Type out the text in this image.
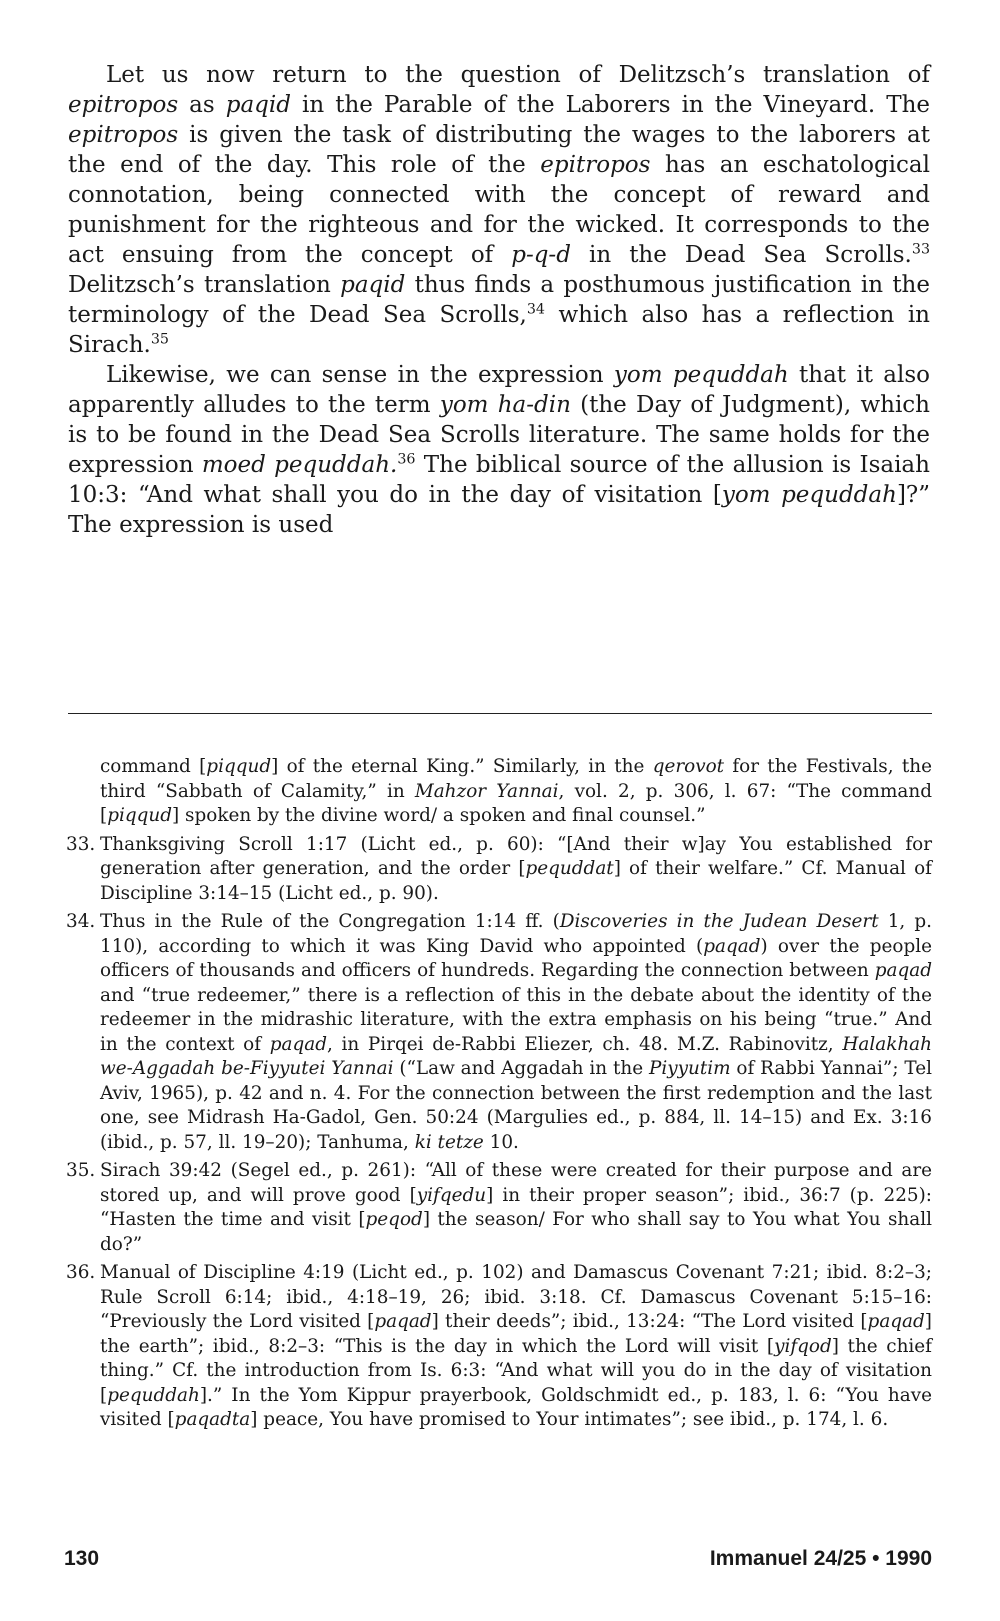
Let us now return to the question of Delitzsch’s translation of epitropos as paqid in the Parable of the Laborers in the Vineyard. The epitropos is given the task of distributing the wages to the laborers at the end of the day. This role of the epitropos has an eschatological connotation, being connected with the concept of reward and punishment for the righteous and for the wicked. It corresponds to the act ensuing from the concept of p-q-d in the Dead Sea Scrolls.$^{33}$ Delitzsch’s translation paqid thus finds a posthumous justification in the terminology of the Dead Sea Scrolls,$^{34}$ which also has a reflection in Sirach.$^{35}$

Likewise, we can sense in the expression yom pequddah that it also apparently alludes to the term yom ha-din (the Day of Judgment), which is to be found in the Dead Sea Scrolls literature. The same holds for the expression moed pequddah.$^{36}$ The biblical source of the allusion is Isaiah 10:3: “And what shall you do in the day of visitation [yom pequddah]?” The expression is used

command [piqqud] of the eternal King.” Similarly, in the qerovot for the Festivals, the third “Sabbath of Calamity,” in Mahzor Yannai, vol. 2, p. 306, l. 67: “The command [piqqud] spoken by the divine word/ a spoken and final counsel.”
33. Thanksgiving Scroll 1:17 (Licht ed., p. 60): “[And their w]ay You established for generation after generation, and the order [pequddat] of their welfare.” Cf. Manual of Discipline 3:14–15 (Licht ed., p. 90).
34. Thus in the Rule of the Congregation 1:14 ff. (Discoveries in the Judean Desert 1, p. 110), according to which it was King David who appointed (paqad) over the people officers of thousands and officers of hundreds. Regarding the connection between paqad and “true redeemer,” there is a reflection of this in the debate about the identity of the redeemer in the midrashic literature, with the extra emphasis on his being “true.” And in the context of paqad, in Pirqei de-Rabbi Eliezer, ch. 48. M.Z. Rabinovitz, Halakhah we-Aggadah be-Fiyyutei Yannai (“Law and Aggadah in the Piyyutim of Rabbi Yannai”; Tel Aviv, 1965), p. 42 and n. 4. For the connection between the first redemption and the last one, see Midrash Ha-Gadol, Gen. 50:24 (Margulies ed., p. 884, ll. 14–15) and Ex. 3:16 (ibid., p. 57, ll. 19–20); Tanhuma, ki tetze 10.
35. Sirach 39:42 (Segel ed., p. 261): “All of these were created for their purpose and are stored up, and will prove good [yifqedu] in their proper season”; ibid., 36:7 (p. 225): “Hasten the time and visit [peqod] the season/ For who shall say to You what You shall do?”
36. Manual of Discipline 4:19 (Licht ed., p. 102) and Damascus Covenant 7:21; ibid. 8:2–3; Rule Scroll 6:14; ibid., 4:18–19, 26; ibid. 3:18. Cf. Damascus Covenant 5:15–16: “Previously the Lord visited [paqad] their deeds”; ibid., 13:24: “The Lord visited [paqad] the earth”; ibid., 8:2–3: “This is the day in which the Lord will visit [yifqod] the chief thing.” Cf. the introduction from Is. 6:3: “And what will you do in the day of visitation [pequddah].” In the Yom Kippur prayerbook, Goldschmidt ed., p. 183, l. 6: “You have visited [paqadta] peace, You have promised to Your intimates”; see ibid., p. 174, l. 6.
130	Immanuel 24/25 • 1990
